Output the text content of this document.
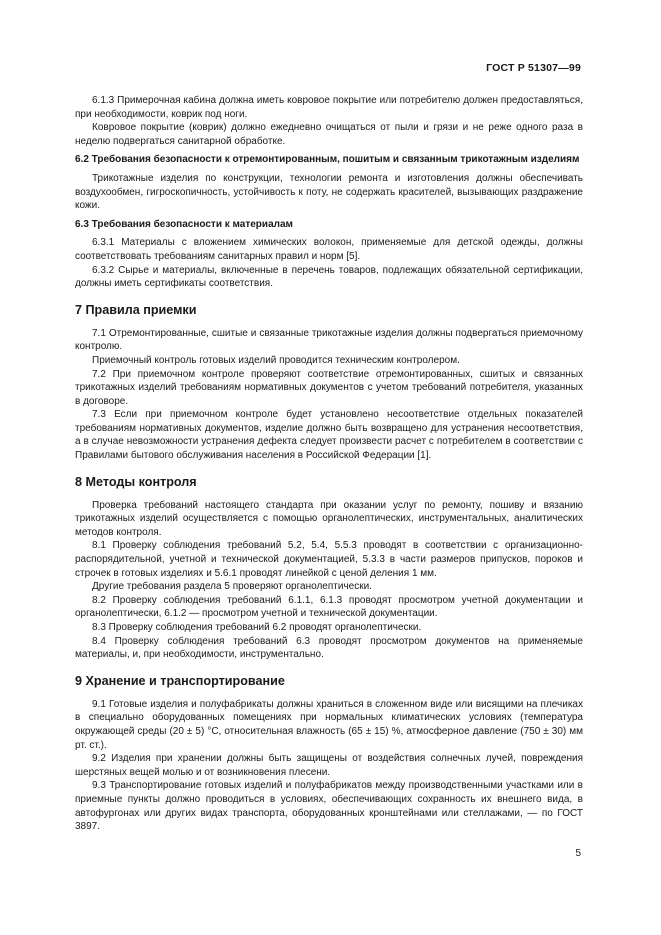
ГОСТ Р 51307—99

6.1.3 Примерочная кабина должна иметь ковровое покрытие или потребителю должен предоставляться, при необходимости, коврик под ноги.

Ковровое покрытие (коврик) должно ежедневно очищаться от пыли и грязи и не реже одного раза в неделю подвергаться санитарной обработке.

6.2 Требования безопасности к отремонтированным, пошитым и связанным трикотажным изделиям

Трикотажные изделия по конструкции, технологии ремонта и изготовления должны обеспечивать воздухообмен, гигроскопичность, устойчивость к поту, не содержать красителей, вызывающих раздражение кожи.

6.3 Требования безопасности к материалам

6.3.1 Материалы с вложением химических волокон, применяемые для детской одежды, должны соответствовать требованиям санитарных правил и норм [5].

6.3.2 Сырье и материалы, включенные в перечень товаров, подлежащих обязательной сертификации, должны иметь сертификаты соответствия.

7 Правила приемки

7.1 Отремонтированные, сшитые и связанные трикотажные изделия должны подвергаться приемочному контролю.

Приемочный контроль готовых изделий проводится техническим контролером.

7.2 При приемочном контроле проверяют соответствие отремонтированных, сшитых и связанных трикотажных изделий требованиям нормативных документов с учетом требований потребителя, указанных в договоре.

7.3 Если при приемочном контроле будет установлено несоответствие отдельных показателей требованиям нормативных документов, изделие должно быть возвращено для устранения несоответствия, а в случае невозможности устранения дефекта следует произвести расчет с потребителем в соответствии с Правилами бытового обслуживания населения в Российской Федерации [1].

8 Методы контроля

Проверка требований настоящего стандарта при оказании услуг по ремонту, пошиву и вязанию трикотажных изделий осуществляется с помощью органолептических, инструментальных, аналитических методов контроля.

8.1 Проверку соблюдения требований 5.2, 5.4, 5.5.3 проводят в соответствии с организационно-распорядительной, учетной и технической документацией, 5.3.3 в части размеров припусков, пороков и строчек в готовых изделиях и 5.6.1 проводят линейкой с ценой деления 1 мм.

Другие требования раздела 5 проверяют органолептически.

8.2 Проверку соблюдения требований 6.1.1, 6.1.3 проводят просмотром учетной документации и органолептически, 6.1.2 — просмотром учетной и технической документации.

8.3 Проверку соблюдения требований 6.2 проводят органолептически.

8.4 Проверку соблюдения требований 6.3 проводят просмотром документов на применяемые материалы, и, при необходимости, инструментально.

9 Хранение и транспортирование

9.1 Готовые изделия и полуфабрикаты должны храниться в сложенном виде или висящими на плечиках в специально оборудованных помещениях при нормальных климатических условиях (температура окружающей среды (20 ± 5) °С, относительная влажность (65 ± 15) %, атмосферное давление (750 ± 30) мм рт. ст.).

9.2 Изделия при хранении должны быть защищены от воздействия солнечных лучей, повреждения шерстяных вещей молью и от возникновения плесени.

9.3 Транспортирование готовых изделий и полуфабрикатов между производственными участками или в приемные пункты должно проводиться в условиях, обеспечивающих сохранность их внешнего вида, в автофургонах или других видах транспорта, оборудованных кронштейнами или стеллажами, — по ГОСТ 3897.

5
